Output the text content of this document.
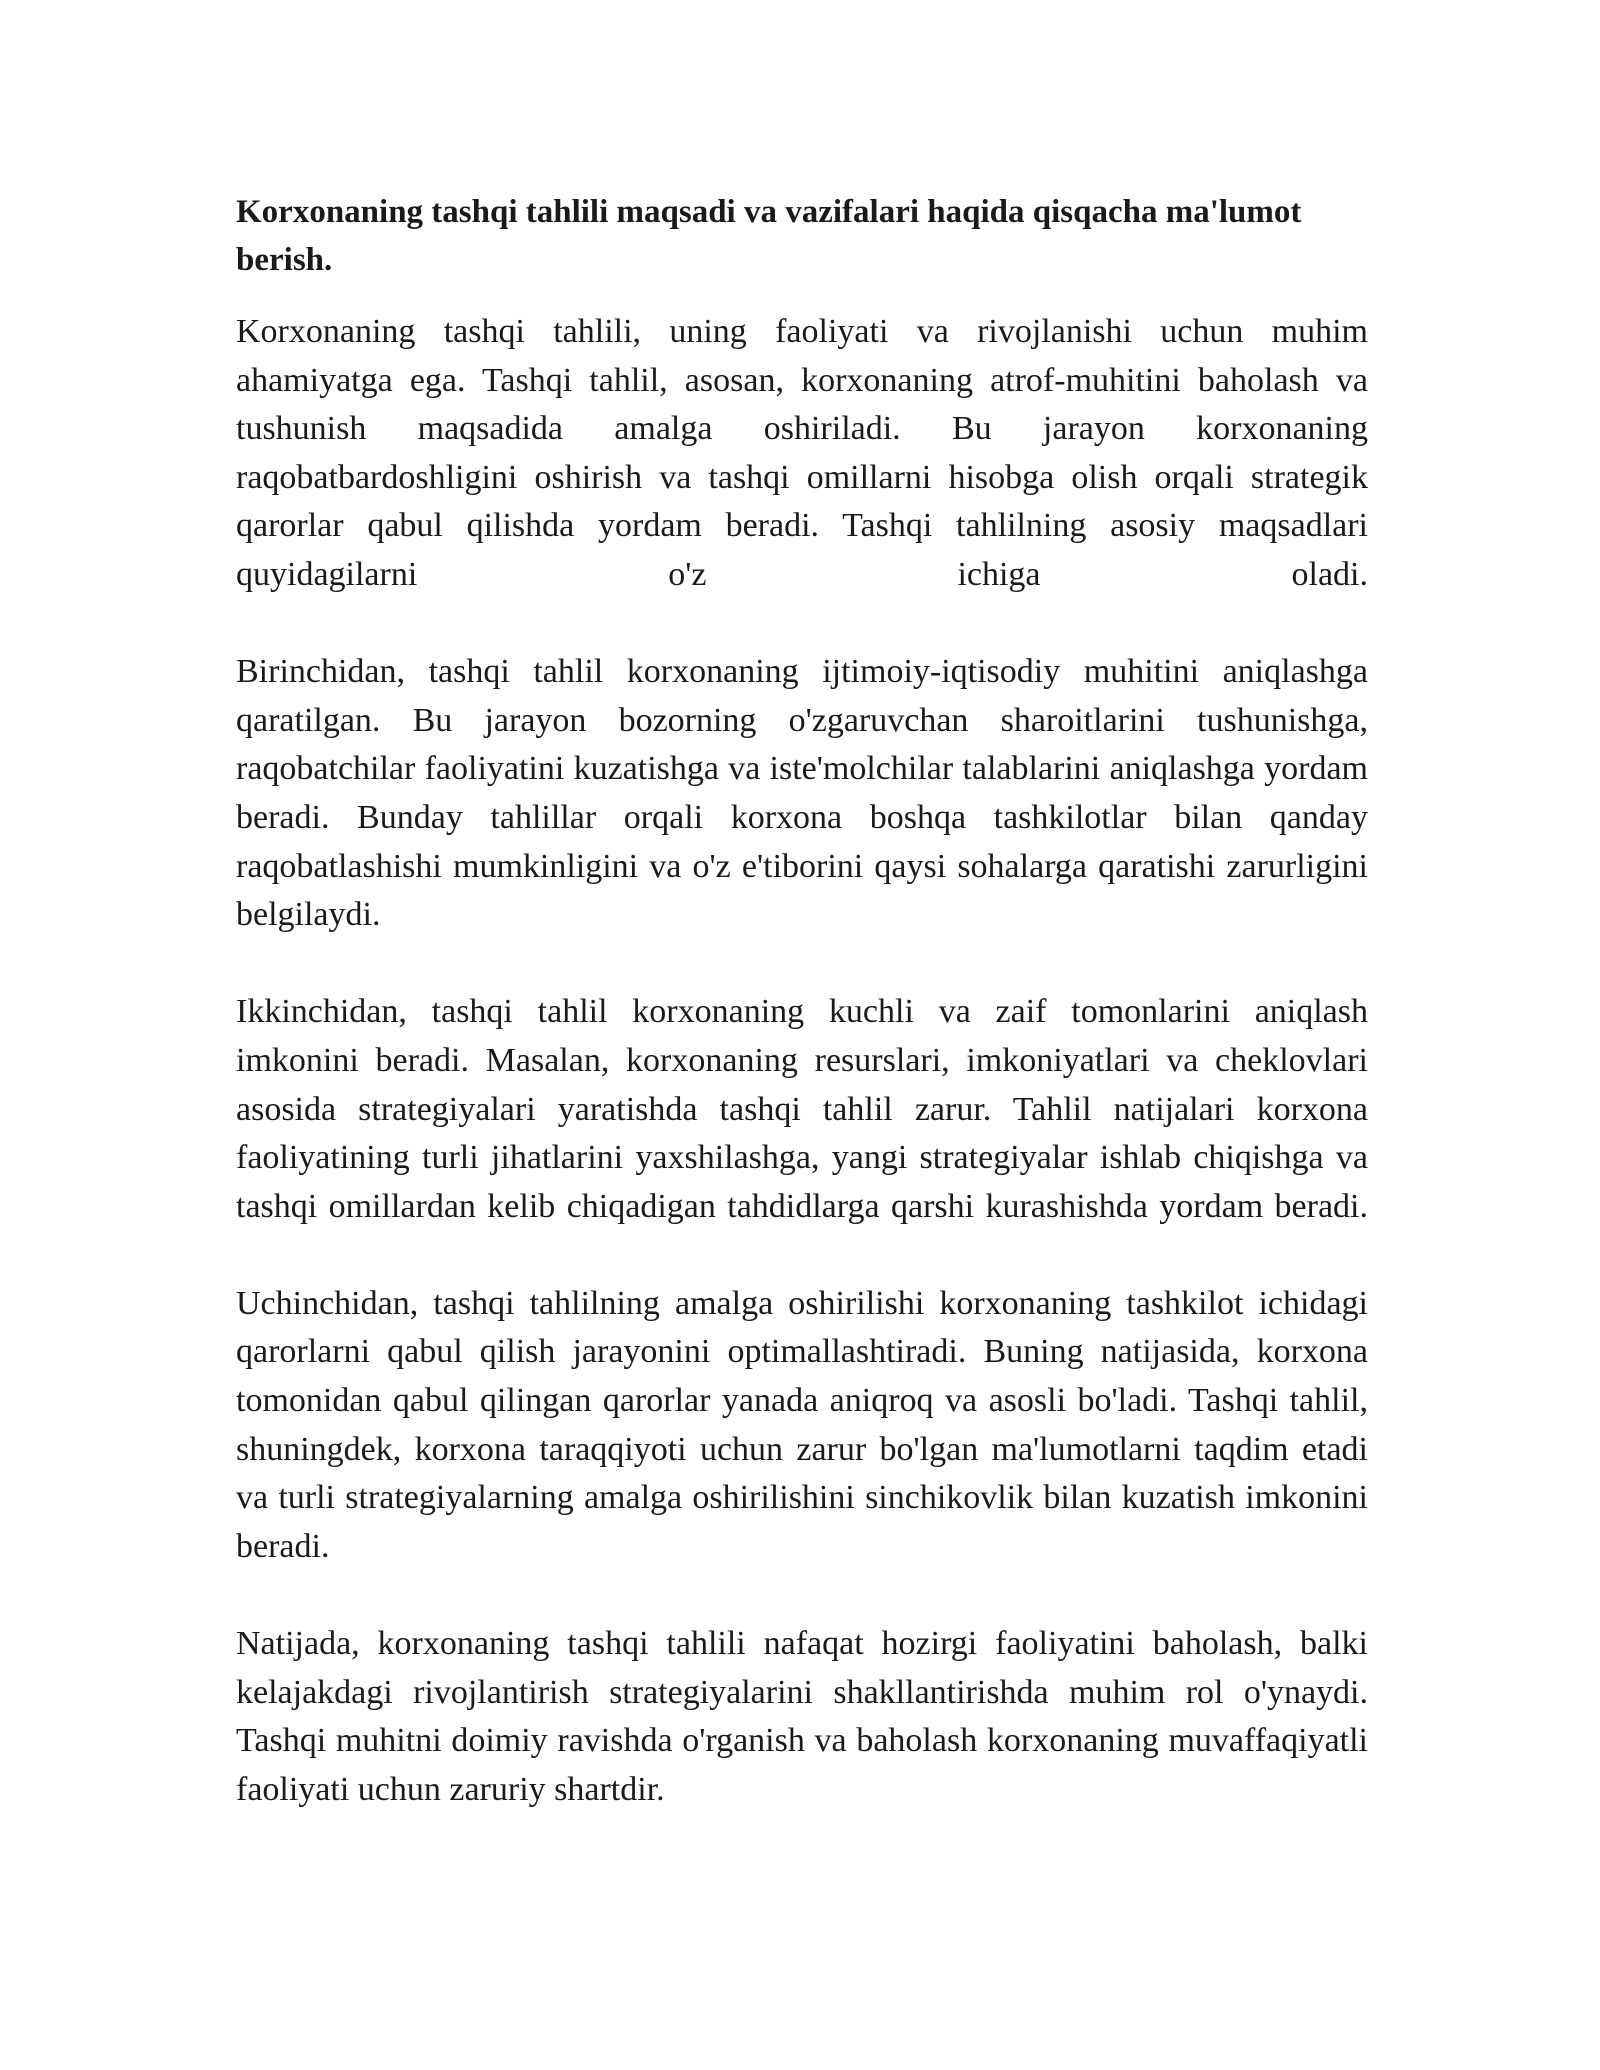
Korxonaning tashqi tahlili maqsadi va vazifalari haqida qisqacha ma'lumot berish.

Korxonaning tashqi tahlili, uning faoliyati va rivojlanishi uchun muhim ahamiyatga ega. Tashqi tahlil, asosan, korxonaning atrof-muhitini baholash va tushunish maqsadida amalga oshiriladi. Bu jarayon korxonaning raqobatbardoshligini oshirish va tashqi omillarni hisobga olish orqali strategik qarorlar qabul qilishda yordam beradi. Tashqi tahlilning asosiy maqsadlari quyidagilarni o'z ichiga oladi.

Birinchidan, tashqi tahlil korxonaning ijtimoiy-iqtisodiy muhitini aniqlashga qaratilgan. Bu jarayon bozorning o'zgaruvchan sharoitlarini tushunishga, raqobatchilar faoliyatini kuzatishga va iste'molchilar talablarini aniqlashga yordam beradi. Bunday tahlillar orqali korxona boshqa tashkilotlar bilan qanday raqobatlashishi mumkinligini va o'z e'tiborini qaysi sohalarga qaratishi zarurligini belgilaydi.

Ikkinchidan, tashqi tahlil korxonaning kuchli va zaif tomonlarini aniqlash imkonini beradi. Masalan, korxonaning resurslari, imkoniyatlari va cheklovlari asosida strategiyalari yaratishda tashqi tahlil zarur. Tahlil natijalari korxona faoliyatining turli jihatlarini yaxshilashga, yangi strategiyalar ishlab chiqishga va tashqi omillardan kelib chiqadigan tahdidlarga qarshi kurashishda yordam beradi.

Uchinchidan, tashqi tahlilning amalga oshirilishi korxonaning tashkilot ichidagi qarorlarni qabul qilish jarayonini optimallashtiradi. Buning natijasida, korxona tomonidan qabul qilingan qarorlar yanada aniqroq va asosli bo'ladi. Tashqi tahlil, shuningdek, korxona taraqqiyoti uchun zarur bo'lgan ma'lumotlarni taqdim etadi va turli strategiyalarning amalga oshirilishini sinchikovlik bilan kuzatish imkonini beradi.

Natijada, korxonaning tashqi tahlili nafaqat hozirgi faoliyatini baholash, balki kelajakdagi rivojlantirish strategiyalarini shakllantirishda muhim rol o'ynaydi. Tashqi muhitni doimiy ravishda o'rganish va baholash korxonaning muvaffaqiyatli faoliyati uchun zaruriy shartdir.
